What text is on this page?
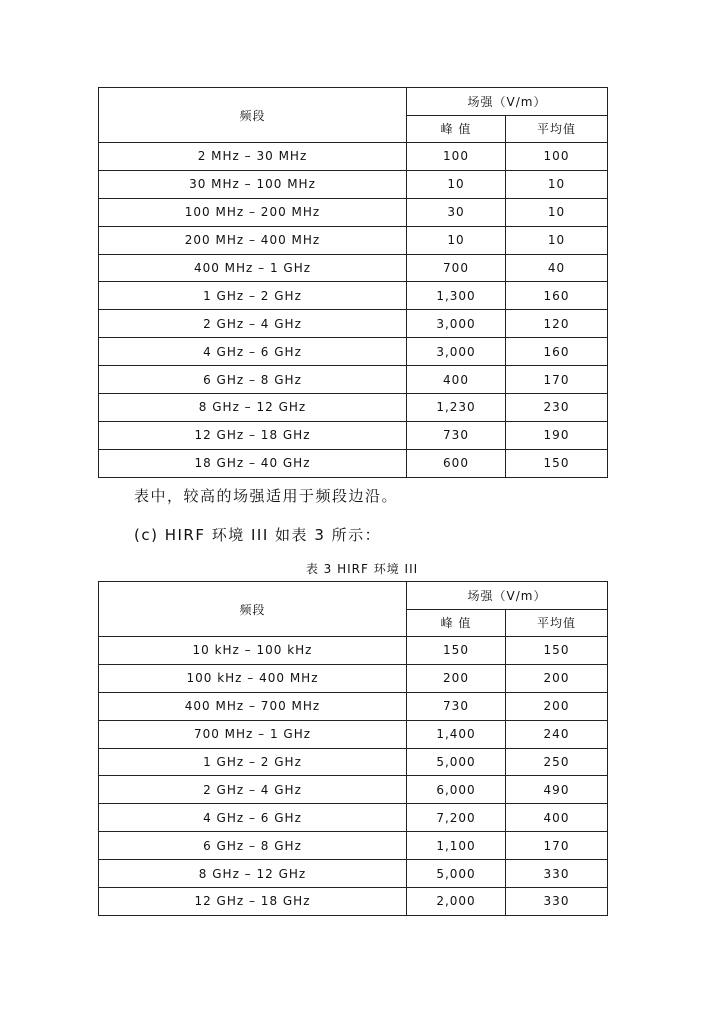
频段	场强（V/m）	
	峰 值	平均值
2 MHz – 30 MHz	100	100
30 MHz – 100 MHz	10	10
100 MHz – 200 MHz	30	10
200 MHz – 400 MHz	10	10
400 MHz – 1 GHz	700	40
1 GHz – 2 GHz	1,300	160
2 GHz – 4 GHz	3,000	120
4 GHz – 6 GHz	3,000	160
6 GHz – 8 GHz	400	170
8 GHz – 12 GHz	1,230	230
12 GHz – 18 GHz	730	190
18 GHz – 40 GHz	600	150

表中，较高的场强适用于频段边沿。

(c) HIRF 环境 III 如表 3 所示：

表 3 HIRF 环境 III

频段	场强（V/m）	
	峰 值	平均值
10 kHz – 100 kHz	150	150
100 kHz – 400 MHz	200	200
400 MHz – 700 MHz	730	200
700 MHz – 1 GHz	1,400	240
1 GHz – 2 GHz	5,000	250
2 GHz – 4 GHz	6,000	490
4 GHz – 6 GHz	7,200	400
6 GHz – 8 GHz	1,100	170
8 GHz – 12 GHz	5,000	330
12 GHz – 18 GHz	2,000	330
